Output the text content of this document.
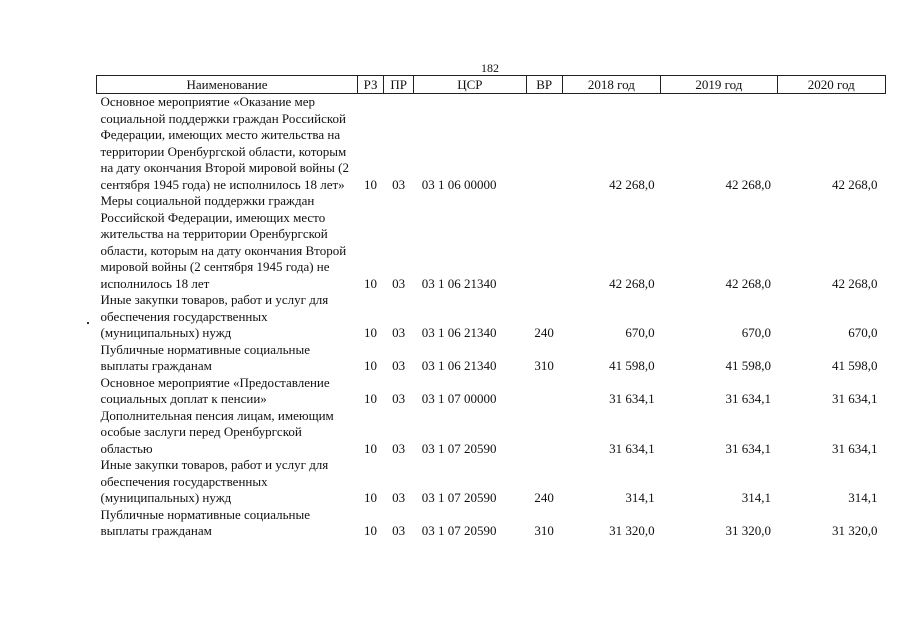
182
Наименование	РЗ	ПР	ЦСР	ВР	2018 год	2019 год	2020 год
Основное мероприятие «Оказание мер социальной поддержки граждан Российской Федерации, имеющих место жительства на территории Оренбургской области, которым на дату окончания Второй мировой войны (2 сентября 1945 года) не исполнилось 18 лет»	10	03	03 1 06 00000		42 268,0	42 268,0	42 268,0
Меры социальной поддержки граждан Российской Федерации, имеющих место жительства на территории Оренбургской области, которым на дату окончания Второй мировой войны (2 сентября 1945 года) не исполнилось 18 лет	10	03	03 1 06 21340		42 268,0	42 268,0	42 268,0
Иные закупки товаров, работ и услуг для обеспечения государственных (муниципальных) нужд	10	03	03 1 06 21340	240	670,0	670,0	670,0
Публичные нормативные социальные выплаты гражданам	10	03	03 1 06 21340	310	41 598,0	41 598,0	41 598,0
Основное мероприятие «Предоставление социальных доплат к пенсии»	10	03	03 1 07 00000		31 634,1	31 634,1	31 634,1
Дополнительная пенсия лицам, имеющим особые заслуги перед Оренбургской областью	10	03	03 1 07 20590		31 634,1	31 634,1	31 634,1
Иные закупки товаров, работ и услуг для обеспечения государственных (муниципальных) нужд	10	03	03 1 07 20590	240	314,1	314,1	314,1
Публичные нормативные социальные выплаты гражданам	10	03	03 1 07 20590	310	31 320,0	31 320,0	31 320,0
